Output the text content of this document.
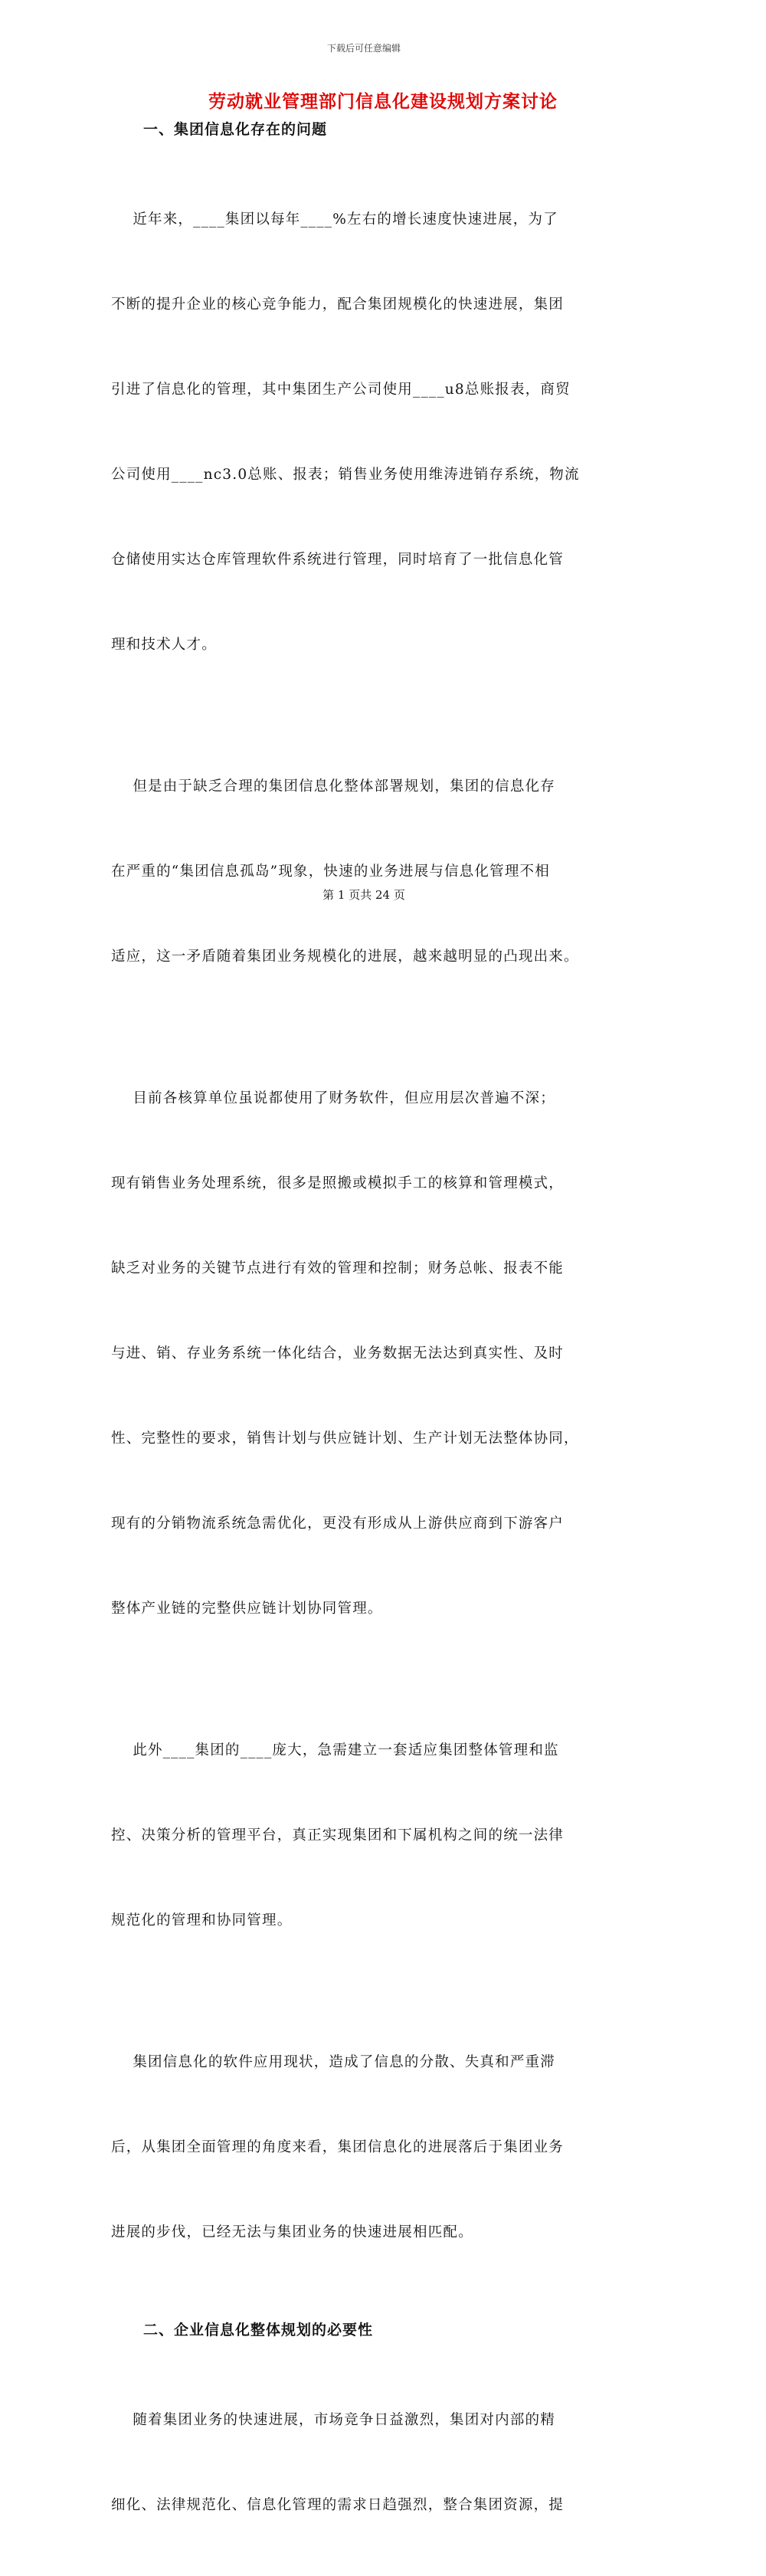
下载后可任意编辑
劳动就业管理部门信息化建设规划方案讨论
一、集团信息化存在的问题

近年来，____集团以每年____%左右的增长速度快速进展，为了

不断的提升企业的核心竞争能力，配合集团规模化的快速进展，集团

引进了信息化的管理，其中集团生产公司使用____u8总账报表，商贸

公司使用____nc3.0总账、报表；销售业务使用维涛进销存系统，物流

仓储使用实达仓库管理软件系统进行管理，同时培育了一批信息化管

理和技术人才。

但是由于缺乏合理的集团信息化整体部署规划，集团的信息化存

在严重的“集团信息孤岛”现象，快速的业务进展与信息化管理不相

适应，这一矛盾随着集团业务规模化的进展，越来越明显的凸现出来。

目前各核算单位虽说都使用了财务软件，但应用层次普遍不深；

现有销售业务处理系统，很多是照搬或模拟手工的核算和管理模式，

缺乏对业务的关键节点进行有效的管理和控制；财务总帐、报表不能

与进、销、存业务系统一体化结合，业务数据无法达到真实性、及时

性、完整性的要求，销售计划与供应链计划、生产计划无法整体协同，

现有的分销物流系统急需优化，更没有形成从上游供应商到下游客户

整体产业链的完整供应链计划协同管理。

此外____集团的____庞大，急需建立一套适应集团整体管理和监

控、决策分析的管理平台，真正实现集团和下属机构之间的统一法律

规范化的管理和协同管理。

集团信息化的软件应用现状，造成了信息的分散、失真和严重滞

后，从集团全面管理的角度来看，集团信息化的进展落后于集团业务

进展的步伐，已经无法与集团业务的快速进展相匹配。

二、企业信息化整体规划的必要性

随着集团业务的快速进展，市场竞争日益激烈，集团对内部的精

细化、法律规范化、信息化管理的需求日趋强烈，整合集团资源，提

第 1 页共 24 页
